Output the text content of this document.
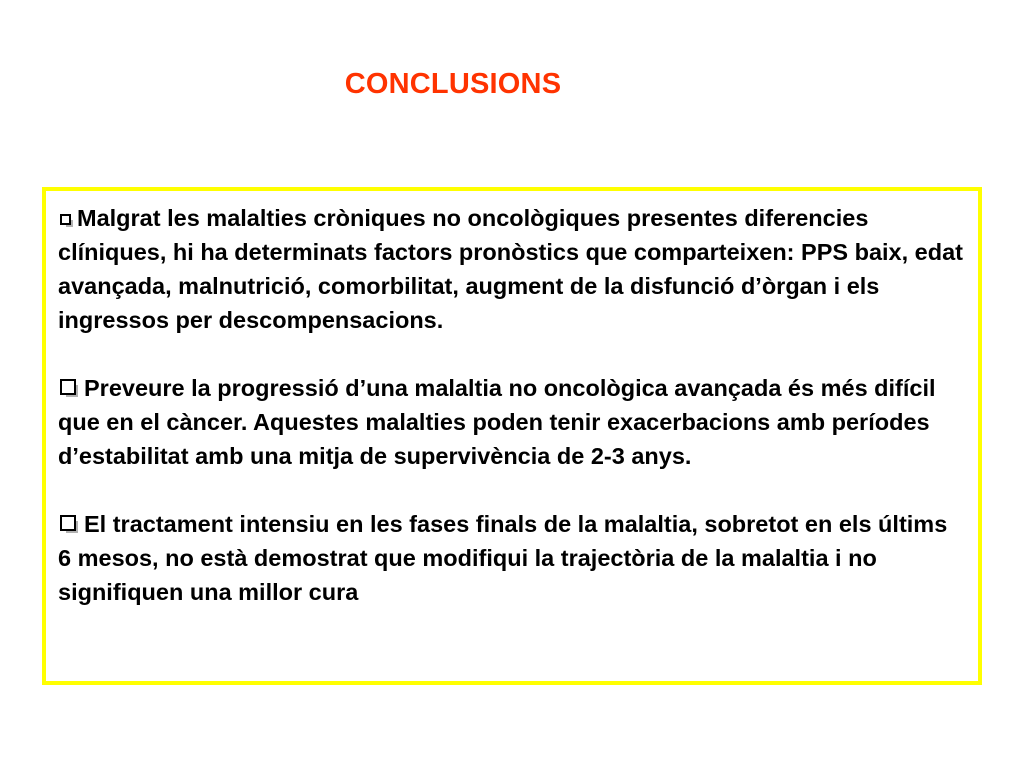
CONCLUSIONS

Malgrat les malalties cròniques no oncològiques presentes diferencies clíniques, hi ha determinats factors pronòstics que comparteixen: PPS baix, edat avançada, malnutrició, comorbilitat, augment de la disfunció d’òrgan i els ingressos per descompensacions.

Preveure la progressió d’una malaltia no oncològica avançada és més difícil que en el càncer. Aquestes malalties poden tenir exacerbacions amb períodes d’estabilitat amb una mitja de supervivència de 2-3 anys.

El tractament intensiu en les fases finals de la malaltia, sobretot en els últims 6 mesos, no està demostrat que modifiqui la trajectòria de la malaltia i no signifiquen una millor cura
